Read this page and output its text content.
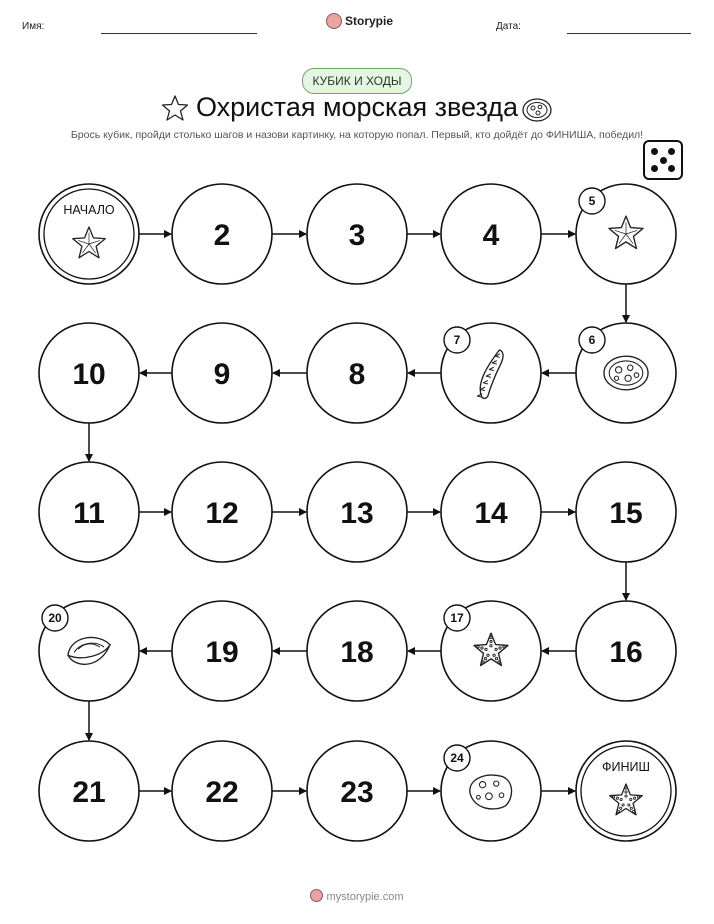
Имя:	Storypie	Дата:
КУБИК И ХОДЫ
Охристая морская звезда
Брось кубик, пройди столько шагов и назови картинку, на которую попал. Первый, кто дойдёт до ФИНИША, победил!
НАЧАЛО
2	3	4
5
6
7
8
9
10
11	12	13	14	15
16
17
18
19
20
21	22	23
24
ФИНИШ
mystorypie.com
